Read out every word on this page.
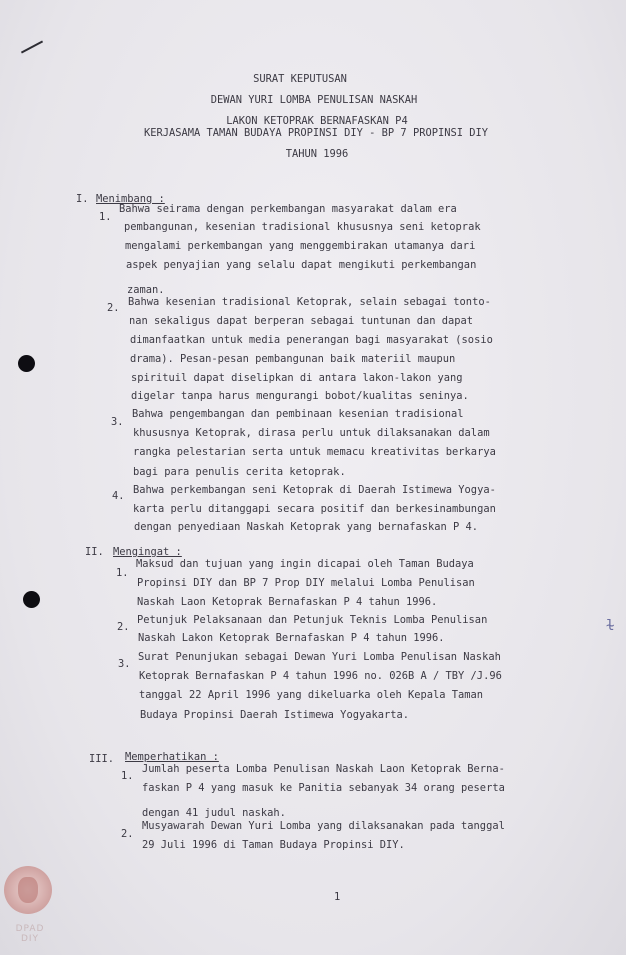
ɫ
SURAT KEPUTUSAN
DEWAN YURI LOMBA PENULISAN NASKAH
LAKON KETOPRAK BERNAFASKAN P4
KERJASAMA TAMAN BUDAYA PROPINSI DIY - BP 7 PROPINSI DIY
TAHUN 1996
I. Menimbang :
1.
Bahwa seirama dengan perkembangan masyarakat dalam era
pembangunan, kesenian tradisional khususnya seni ketoprak
mengalami perkembangan yang menggembirakan utamanya dari
aspek penyajian yang selalu dapat mengikuti perkembangan
zaman.
2. Bahwa kesenian tradisional Ketoprak, selain sebagai tonto-
nan sekaligus dapat berperan sebagai tuntunan dan dapat
dimanfaatkan untuk media penerangan bagi masyarakat (sosio
drama). Pesan-pesan pembangunan baik materiil maupun
spirituil dapat diselipkan di antara lakon-lakon yang
digelar tanpa harus mengurangi bobot/kualitas seninya.
3.
Bahwa pengembangan dan pembinaan kesenian tradisional
khususnya Ketoprak, dirasa perlu untuk dilaksanakan dalam
rangka pelestarian serta untuk memacu kreativitas berkarya
bagi para penulis cerita ketoprak.
4. Bahwa perkembangan seni Ketoprak di Daerah Istimewa Yogya-
karta perlu ditanggapi secara positif dan berkesinambungan
dengan penyediaan Naskah Ketoprak yang bernafaskan P 4.
II. Mengingat :
1.
Maksud dan tujuan yang ingin dicapai oleh Taman Budaya
Propinsi DIY dan BP 7 Prop DIY melalui Lomba Penulisan
Naskah Laon Ketoprak Bernafaskan P 4 tahun 1996.
2.
Petunjuk Pelaksanaan dan Petunjuk Teknis Lomba Penulisan
Naskah Lakon Ketoprak Bernafaskan P 4 tahun 1996.
3.
Surat Penunjukan sebagai Dewan Yuri Lomba Penulisan Naskah
Ketoprak Bernafaskan P 4 tahun 1996 no. 026B A / TBY /J.96
tanggal 22 April 1996 yang dikeluarka oleh Kepala Taman
Budaya Propinsi Daerah Istimewa Yogyakarta.
III. Memperhatikan :
1.
Jumlah peserta Lomba Penulisan Naskah Laon Ketoprak Berna-
faskan P 4 yang masuk ke Panitia sebanyak 34 orang peserta
dengan 41 judul naskah.
2.
Musyawarah Dewan Yuri Lomba yang dilaksanakan pada tanggal
29 Juli 1996 di Taman Budaya Propinsi DIY.
1
DPAD
DIY
